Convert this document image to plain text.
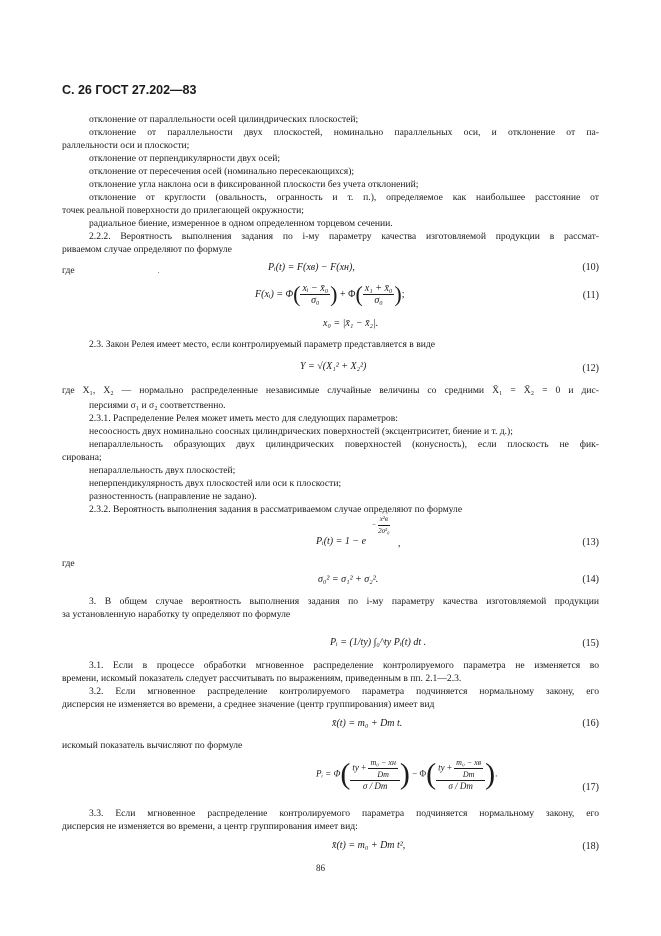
С. 26 ГОСТ 27.202—83
отклонение от параллельности осей цилиндрических плоскостей;
отклонение от параллельности двух плоскостей, номинально параллельных оси, и отклонение от па-
раллельности оси и плоскости;
отклонение от перпендикулярности двух осей;
отклонение от пересечения осей (номинально пересекающихся);
отклонение угла наклона оси в фиксированной плоскости без учета отклонений;
отклонение от круглости (овальность, огранность и т. п.), определяемое как наибольшее расстояние от
точек реальной поверхности до прилегающей окружности;
радиальное биение, измеренное в одном определенном торцевом сечении.
2.2.2. Вероятность выполнения задания по i-му параметру качества изготовляемой продукции в рассмат-
риваемом случае определяют по формуле
Pᵢ(t) = F(xв) − F(xн),	(10)
где
F(xᵢ) = $\Phi( \frac{\text{xᵢ − x̄₀}}{\text{σ₀}}$ ) + $\Phi( \frac{\text{x₁ + x̄₀}}{\text{σ₀}}$ );	(11)
x₀ = |x̄₁ − x̄₂|.
2.3. Закон Релея имеет место, если контролируемый параметр представляется в виде
Y = √(X₁² + X₂²)	(12)
где X₁, X₂ — нормально распределенные независимые случайные величины со средними X̄₁ = X̄₂ = 0 и дис-
персиями σ₁ и σ₂ соответственно.
2.3.1. Распределение Релея может иметь место для следующих параметров:
несоосность двух номинально соосных цилиндрических поверхностей (эксцентриситет, биение и т. д.);
непараллельность образующих двух цилиндрических поверхностей (конусность), если плоскость не фик-
сирована;
непараллельность двух плоскостей;
неперпендикулярность двух плоскостей или оси к плоскости;
разностенность (направление не задано).
2.3.2. Вероятность выполнения задания в рассматриваемом случае определяют по формуле
Pᵢ(t) = 1 − e
− $\frac{\text{x²в}}{\text{2σ²₀}}$
,	(13)
где
σ₀² = σ₁² + σ₂².	(14)
3. В общем случае вероятность выполнения задания по i-му параметру качества изготовляемой продукции
за установленную наработку tу определяют по формуле
Pᵢ = (1/tу) ∫₀^tу Pᵢ(t) dt .	(15)
3.1. Если в процессе обработки мгновенное распределение контролируемого параметра не изменяется во
времени, искомый показатель следует рассчитывать по выражениям, приведенным в пп. 2.1—2.3.
3.2. Если мгновенное распределение контролируемого параметра подчиняется нормальному закону, его
дисперсия не изменяется во времени, а среднее значение (центр группирования) имеет вид
x̄(t) = m₀ + Dm t.	(16)
искомый показатель вычисляют по формуле
Pᵢ = $\Phi( \frac{tу + \frac{\text{m₀ − xн}}{Dm}}{\sigma / Dm}$ ) − $\Phi( \frac{tу + \frac{\text{m₀ − xв}}{Dm}}{\sigma / Dm}$ ).
(17)
3.3. Если мгновенное распределение контролируемого параметра подчиняется нормальному закону, его
дисперсия не изменяется во времени, а центр группирования имеет вид:
x̄(t) = m₀ + Dm t²,	(18)
86
